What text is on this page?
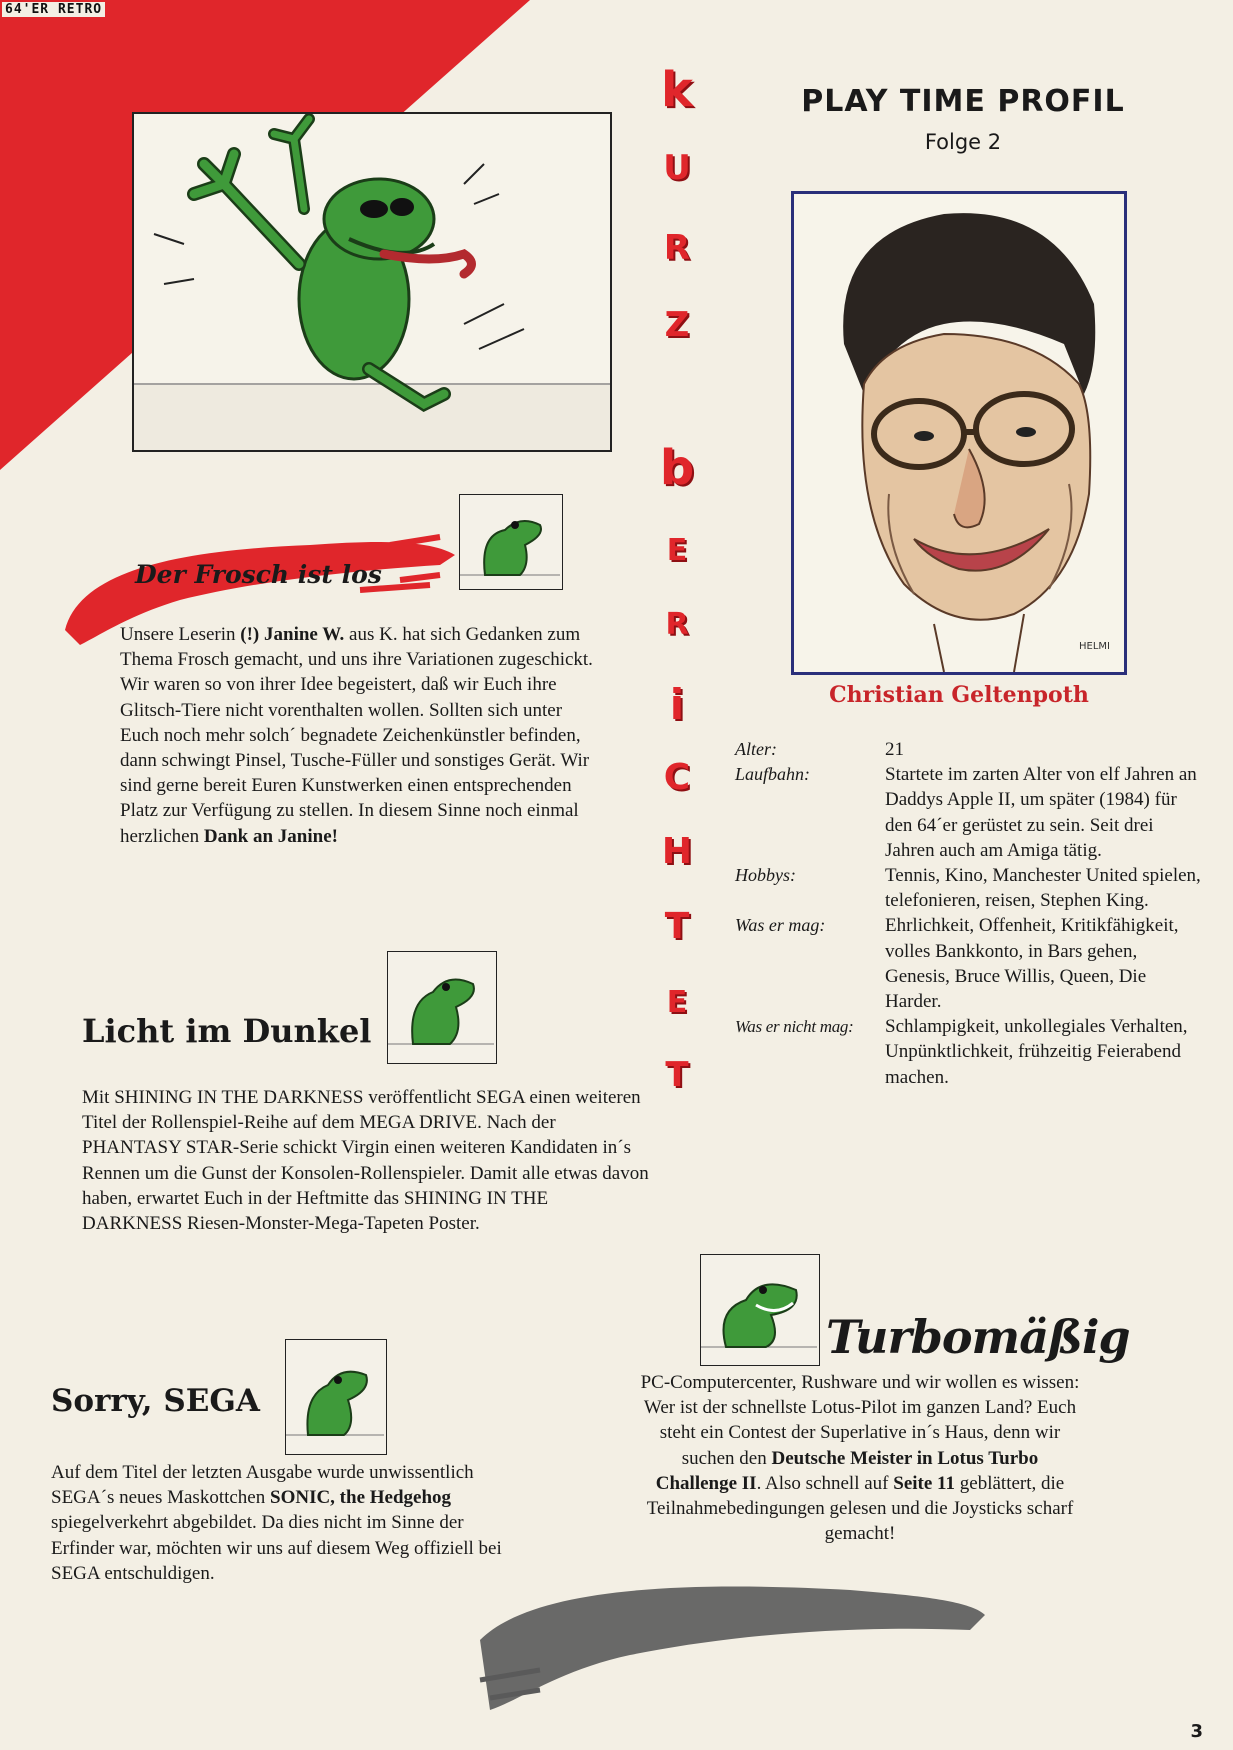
64'ER RETRO
Der Frosch ist los
Unsere Leserin (!) Janine W. aus K. hat sich Gedanken zum Thema Frosch gemacht, und uns ihre Variationen zugeschickt. Wir waren so von ihrer Idee begeistert, daß wir Euch ihre Glitsch-Tiere nicht vorenthalten wollen. Sollten sich unter Euch noch mehr solch´ begnadete Zeichenkünstler befinden, dann schwingt Pinsel, Tusche-Füller und sonstiges Gerät. Wir sind gerne bereit Euren Kunstwerken einen entsprechenden Platz zur Verfügung zu stellen. In diesem Sinne noch einmal herzlichen Dank an Janine!
Licht im Dunkel
Mit SHINING IN THE DARKNESS veröffentlicht SEGA einen weiteren Titel der Rollenspiel-Reihe auf dem MEGA DRIVE. Nach der PHANTASY STAR-Serie schickt Virgin einen weiteren Kandidaten in´s Rennen um die Gunst der Konsolen-Rollenspieler. Damit alle etwas davon haben, erwartet Euch in der Heftmitte das SHINING IN THE DARKNESS Riesen-Monster-Mega-Tapeten Poster.
Sorry, SEGA
Auf dem Titel der letzten Ausgabe wurde unwissentlich SEGA´s neues Maskottchen SONIC, the Hedgehog spiegelverkehrt abgebildet. Da dies nicht im Sinne der Erfinder war, möchten wir uns auf diesem Weg offiziell bei SEGA entschuldigen.
k
U
R
Z
b
E
R
i
C
H
T
E
T
PLAY TIME PROFIL
Folge 2
HELMI
Christian Geltenpoth
Alter:	21
Laufbahn:	Startete im zarten Alter von elf Jahren an Daddys Apple II, um später (1984) für den 64´er gerüstet zu sein. Seit drei Jahren auch am Amiga tätig.
Hobbys:	Tennis, Kino, Manchester United spielen, telefonieren, reisen, Stephen King.
Was er mag:	Ehrlichkeit, Offenheit, Kritikfähigkeit, volles Bankkonto, in Bars gehen, Genesis, Bruce Willis, Queen, Die Harder.
Was er nicht mag:	Schlampigkeit, unkollegiales Verhalten, Unpünktlichkeit, frühzeitig Feierabend machen.
Turbomäßig
PC-Computercenter, Rushware und wir wollen es wissen: Wer ist der schnellste Lotus-Pilot im ganzen Land? Euch steht ein Contest der Superlative in´s Haus, denn wir suchen den Deutsche Meister in Lotus Turbo Challenge II. Also schnell auf Seite 11 geblättert, die Teilnahmebedingungen gelesen und die Joysticks scharf gemacht!
3
